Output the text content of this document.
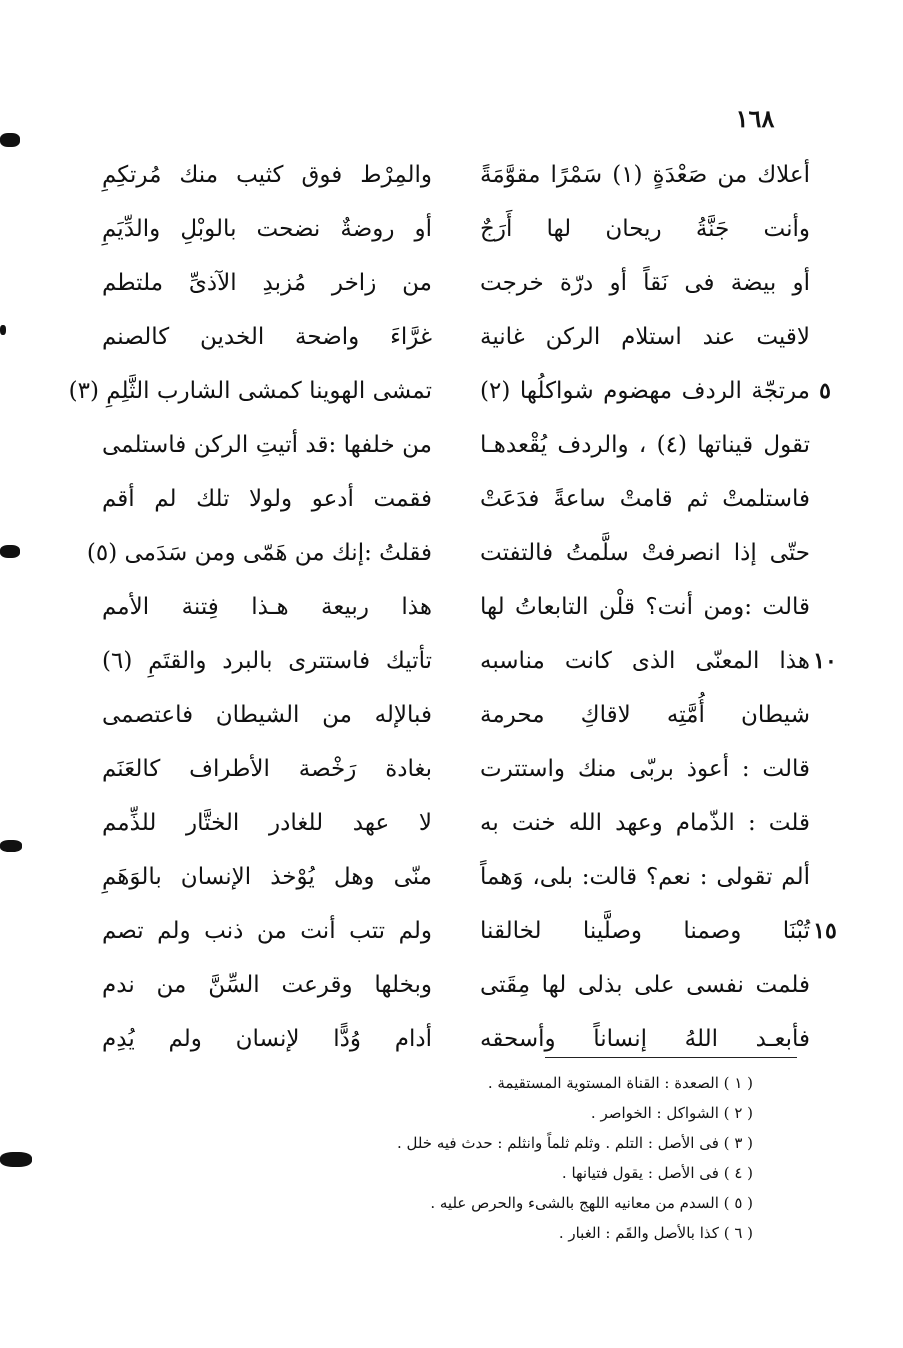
١٦٨
أعلاك من صَعْدَةٍ (١) سَمْرًا مقوَّمَةً
والمِرْط فوق كثيب منك مُرتكِمِ
وأنت جَنَّةُ ريحان لها أَرَجٌ
أو روضةٌ نضحت بالوبْلِ والدِّيَمِ
أو بيضة فى نَقاً أو درّة خرجت
من زاخر مُزبدِ الآذىِّ ملتطم
لاقيت عند استلام الركن غانية
غرَّاءَ واضحة الخدين كالصنم
٥
مرتجّة الردف مهضوم شواكلُها (٢)
تمشى الهوينا كمشى الشارب الثَّلِمِ (٣)
تقول قيناتها (٤) ، والردف يُقْعدهـا
من خلفها :قد أتيتِ الركن فاستلمى
فاستلمتْ ثم قامتْ ساعةً فدَعَتْ
فقمت أدعو ولولا تلك لم أقم
حتّى إذا انصرفتْ سلَّمتُ فالتفتت
فقلتُ :إنك من هَمّى ومن سَدَمى (٥)
قالت :ومن أنت؟ قلْن التابعاتُ لها
هذا ربيعة هـذا فِتنة الأمم
١٠
هذا المعنّى الذى كانت مناسبه
تأتيك فاستترى بالبرد والقتَمِ (٦)
شيطان أُمَّتِه لاقاكِ محرمة
فبالإله من الشيطان فاعتصمى
قالت : أعوذ بربّى منك واستترت
بغادة رَخْصة الأطراف كالعَنَم
قلت : الذّمام وعهد الله خنت به
لا عهد للغادر الختَّار للذِّمم
ألم تقولى : نعم؟ قالت: بلى، وَهماً
منّى وهل يُوْخذ الإنسان بالوَهَمِ
١٥
تُبْنَا وصمنا وصلَّينا لخالقنا
ولم تتب أنت من ذنب ولم تصم
فلمت نفسى على بذلى لها مِقَتى
وبخلها وقرعت السِّنَّ من ندم
فأبعـد اللهُ إنساناً وأسحقه
أدام وُدًّا لإنسان ولم يُدِم
( ١ ) الصعدة : القناة المستوية المستقيمة .
( ٢ ) الشواكل : الخواصر .
( ٣ ) فى الأصل : التلم . وثلم ثلماً وانثلم : حدث فيه خلل .
( ٤ ) فى الأصل : يقول فتيانها .
( ٥ ) السدم من معانيه اللهج بالشىء والحرص عليه .
( ٦ ) كذا بالأصل والقَم : الغبار .
